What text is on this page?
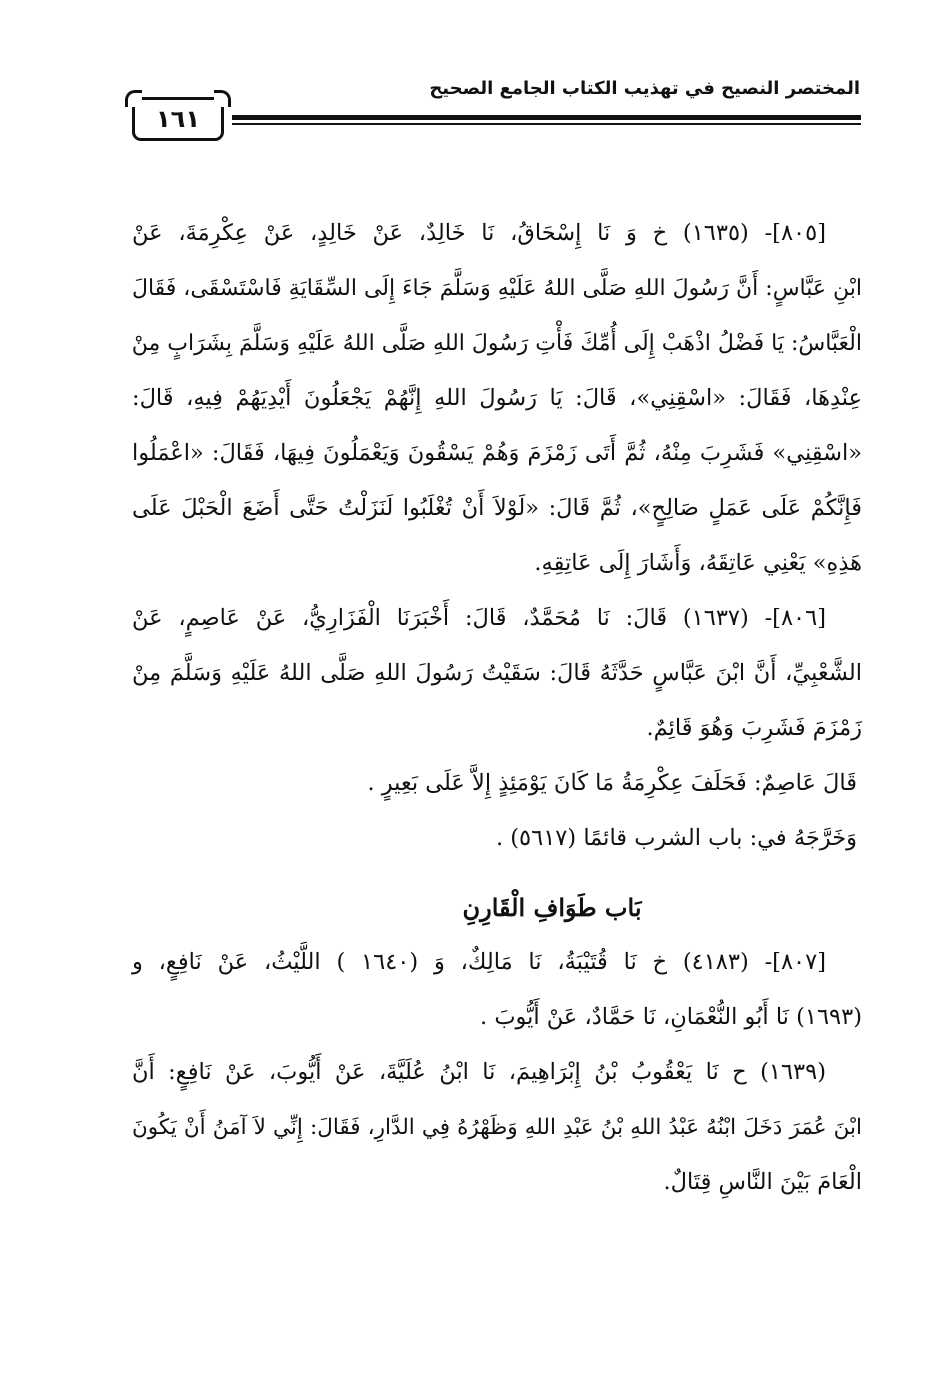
المختصر النصيح في تهذيب الكتاب الجامع الصحيح
١٦١
[٨٠٥]- (١٦٣٥) خ وَ نَا إِسْحَاقُ، نَا خَالِدٌ، عَنْ خَالِدٍ، عَنْ عِكْرِمَةَ، عَنْ
ابْنِ عَبَّاسٍ: أَنَّ رَسُولَ اللهِ صَلَّى اللهُ عَلَيْهِ وَسَلَّمَ جَاءَ إِلَى السِّقَايَةِ فَاسْتَسْقَى، فَقَالَ
الْعَبَّاسُ: يَا فَضْلُ اذْهَبْ إِلَى أُمِّكَ فَأْتِ رَسُولَ اللهِ صَلَّى اللهُ عَلَيْهِ وَسَلَّمَ بِشَرَابٍ مِنْ
عِنْدِهَا، فَقَالَ: «اسْقِنِي»، قَالَ: يَا رَسُولَ اللهِ إِنَّهُمْ يَجْعَلُونَ أَيْدِيَهُمْ فِيهِ، قَالَ:
«اسْقِنِي» فَشَرِبَ مِنْهُ، ثُمَّ أَتَى زَمْزَمَ وَهُمْ يَسْقُونَ وَيَعْمَلُونَ فِيهَا، فَقَالَ: «اعْمَلُوا
فَإِنَّكُمْ عَلَى عَمَلٍ صَالِحٍ»، ثُمَّ قَالَ: «لَوْلاَ أَنْ تُغْلَبُوا لَنَزَلْتُ حَتَّى أَضَعَ الْحَبْلَ عَلَى
هَذِهِ» يَعْنِي عَاتِقَهُ، وَأَشَارَ إِلَى عَاتِقِهِ.
[٨٠٦]- (١٦٣٧) قَالَ: نَا مُحَمَّدٌ، قَالَ: أَخْبَرَنَا الْفَزَارِيُّ، عَنْ عَاصِمٍ، عَنْ
الشَّعْبِيِّ، أَنَّ ابْنَ عَبَّاسٍ حَدَّثَهُ قَالَ: سَقَيْتُ رَسُولَ اللهِ صَلَّى اللهُ عَلَيْهِ وَسَلَّمَ مِنْ
زَمْزَمَ فَشَرِبَ وَهُوَ قَائِمٌ.
قَالَ عَاصِمٌ: فَحَلَفَ عِكْرِمَةُ مَا كَانَ يَوْمَئِذٍ إِلاَّ عَلَى بَعِيرٍ .
وَخَرَّجَهُ في: باب الشرب قائمًا (٥٦١٧) .
بَاب طَوَافِ الْقَارِنِ
[٨٠٧]- (٤١٨٣) خ نَا قُتَيْبَةُ، نَا مَالِكٌ، وَ (١٦٤٠ ) اللَّيْثُ، عَنْ نَافِعٍ، و
(١٦٩٣) نَا أَبُو النُّعْمَانِ، نَا حَمَّادٌ، عَنْ أَيُّوبَ .
(١٦٣٩) ح نَا يَعْقُوبُ بْنُ إِبْرَاهِيمَ، نَا ابْنُ عُلَيَّةَ، عَنْ أَيُّوبَ، عَنْ نَافِعٍ: أَنَّ
ابْنَ عُمَرَ دَخَلَ ابْنُهُ عَبْدُ اللهِ بْنُ عَبْدِ اللهِ وَظَهْرُهُ فِي الدَّارِ، فَقَالَ: إِنِّي لاَ آمَنُ أَنْ يَكُونَ
الْعَامَ بَيْنَ النَّاسِ قِتَالٌ.
